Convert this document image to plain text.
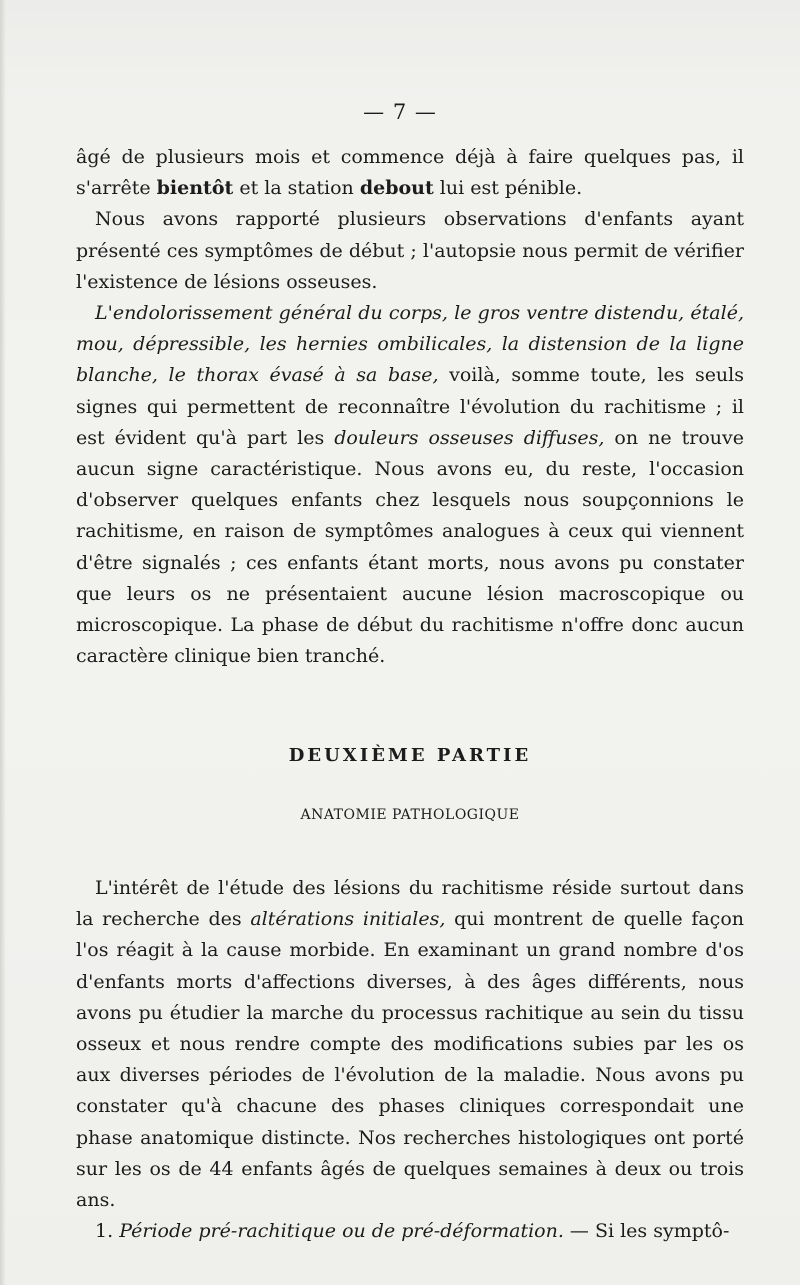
— 7 —

âgé de plusieurs mois et commence déjà à faire quelques pas, il s'arrête bientôt et la station debout lui est pénible.

Nous avons rapporté plusieurs observations d'enfants ayant présenté ces symptômes de début ; l'autopsie nous permit de vérifier l'existence de lésions osseuses.

L'endolorissement général du corps, le gros ventre distendu, étalé, mou, dépressible, les hernies ombilicales, la distension de la ligne blanche, le thorax évasé à sa base, voilà, somme toute, les seuls signes qui permettent de reconnaître l'évolution du rachitisme ; il est évident qu'à part les douleurs osseuses diffuses, on ne trouve aucun signe caractéristique. Nous avons eu, du reste, l'occasion d'observer quelques enfants chez lesquels nous soupçonnions le rachitisme, en raison de symptômes analogues à ceux qui viennent d'être signalés ; ces enfants étant morts, nous avons pu constater que leurs os ne présentaient aucune lésion macroscopique ou microscopique. La phase de début du rachitisme n'offre donc aucun caractère clinique bien tranché.

DEUXIÈME PARTIE
ANATOMIE PATHOLOGIQUE

L'intérêt de l'étude des lésions du rachitisme réside surtout dans la recherche des altérations initiales, qui montrent de quelle façon l'os réagit à la cause morbide. En examinant un grand nombre d'os d'enfants morts d'affections diverses, à des âges différents, nous avons pu étudier la marche du processus rachitique au sein du tissu osseux et nous rendre compte des modifications subies par les os aux diverses périodes de l'évolution de la maladie. Nous avons pu constater qu'à chacune des phases cliniques correspondait une phase anatomique distincte. Nos recherches histologiques ont porté sur les os de 44 enfants âgés de quelques semaines à deux ou trois ans.

1. Période pré-rachitique ou de pré-déformation. — Si les symptô-
